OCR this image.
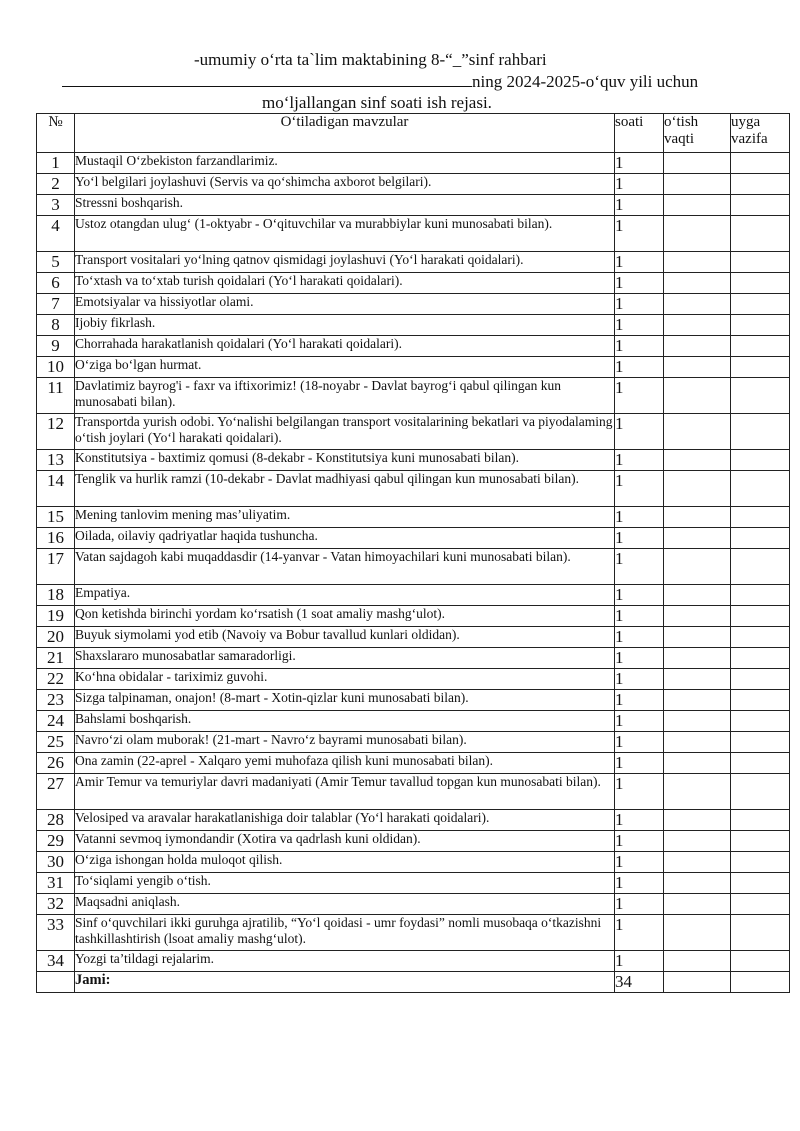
-umumiy o‘rta ta`lim maktabining 8-“_”sinf rahbari
ning 2024-2025-o‘quv yili uchun
mo‘ljallangan sinf soati ish rejasi.
№	O‘tiladigan mavzular	soati	o‘tish vaqti	uyga vazifa
1	Mustaqil O‘zbekiston farzandlarimiz.	1		
2	Yo‘l belgilari joylashuvi (Servis va qo‘shimcha axborot belgilari).	1		
3	Stressni boshqarish.	1		
4	Ustoz otangdan ulug‘ (1-oktyabr - O‘qituvchilar va murabbiylar kuni munosabati bilan).	1		
5	Transport vositalari yo‘lning qatnov qismidagi joylashuvi (Yo‘l harakati qoidalari).	1		
6	To‘xtash va to‘xtab turish qoidalari (Yo‘l harakati qoidalari).	1		
7	Emotsiyalar va hissiyotlar olami.	1		
8	Ijobiy fikrlash.	1		
9	Chorrahada harakatlanish qoidalari (Yo‘l harakati qoidalari).	1		
10	O‘ziga bo‘lgan hurmat.	1		
11	Davlatimiz bayrog'i - faxr va iftixorimiz! (18-noyabr - Davlat bayrog‘i qabul qilingan kun munosabati bilan).	1		
12	Transportda yurish odobi. Yo‘nalishi belgilangan transport vositalarining bekatlari va piyodalaming o‘tish joylari (Yo‘l harakati qoidalari).	1		
13	Konstitutsiya - baxtimiz qomusi (8-dekabr - Konstitutsiya kuni munosabati bilan).	1		
14	Tenglik va hurlik ramzi (10-dekabr - Davlat madhiyasi qabul qilingan kun munosabati bilan).	1		
15	Mening tanlovim mening mas’uliyatim.	1		
16	Oilada, oilaviy qadriyatlar haqida tushuncha.	1		
17	Vatan sajdagoh kabi muqaddasdir (14-yanvar - Vatan himoyachilari kuni munosabati bilan).	1		
18	Empatiya.	1		
19	Qon ketishda birinchi yordam ko‘rsatish (1 soat amaliy mashg‘ulot).	1		
20	Buyuk siymolami yod etib (Navoiy va Bobur tavallud kunlari oldidan).	1		
21	Shaxslararo munosabatlar samaradorligi.	1		
22	Ko‘hna obidalar - tariximiz guvohi.	1		
23	Sizga talpinaman, onajon! (8-mart - Xotin-qizlar kuni munosabati bilan).	1		
24	Bahslami boshqarish.	1		
25	Navro‘zi olam muborak! (21-mart - Navro‘z bayrami munosabati bilan).	1		
26	Ona zamin (22-aprel - Xalqaro yemi muhofaza qilish kuni munosabati bilan).	1		
27	Amir Temur va temuriylar davri madaniyati (Amir Temur tavallud topgan kun munosabati bilan).	1		
28	Velosiped va aravalar harakatlanishiga doir talablar (Yo‘l harakati qoidalari).	1		
29	Vatanni sevmoq iymondandir (Xotira va qadrlash kuni oldidan).	1		
30	O‘ziga ishongan holda muloqot qilish.	1		
31	To‘siqlami yengib o‘tish.	1		
32	Maqsadni aniqlash.	1		
33	Sinf o‘quvchilari ikki guruhga ajratilib, “Yo‘l qoidasi - umr foydasi” nomli musobaqa o‘tkazishni tashkillashtirish (lsoat amaliy mashg‘ulot).	1		
34	Yozgi ta’tildagi rejalarim.	1		
	Jami:	34		
